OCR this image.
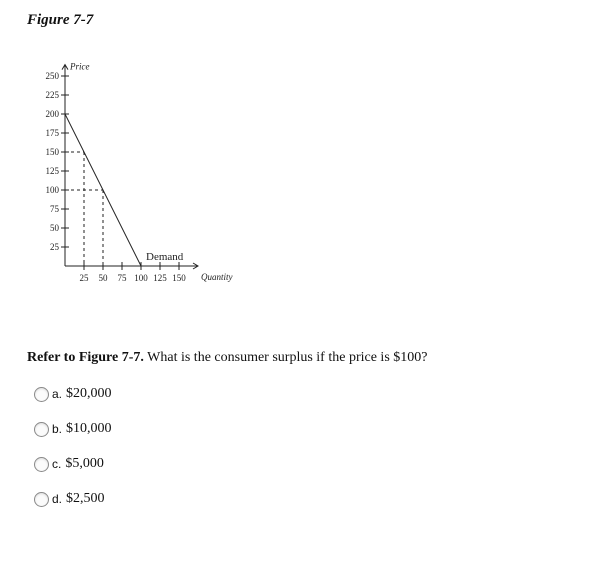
Figure 7-7
Price
Quantity
25
50
75
100
125
150
175
200
225
250
25 50 75 100 125 150
Demand

Refer to Figure 7-7. What is the consumer surplus if the price is $100?

a. $20,000
b. $10,000
c. $5,000
d. $2,500
